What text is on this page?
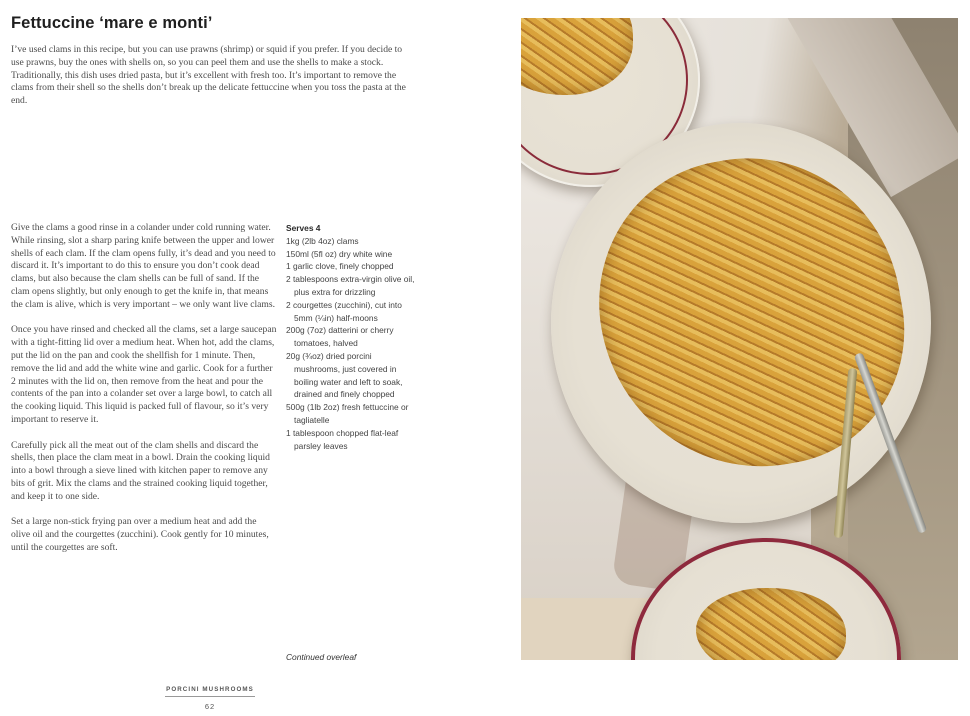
Fettuccine ‘mare e monti’

I’ve used clams in this recipe, but you can use prawns (shrimp) or squid if you prefer. If you decide to use prawns, buy the ones with shells on, so you can peel them and use the shells to make a stock. Traditionally, this dish uses dried pasta, but it’s excellent with fresh too. It’s important to remove the clams from their shell so the shells don’t break up the delicate fettuccine when you toss the pasta at the end.

Give the clams a good rinse in a colander under cold running water. While rinsing, slot a sharp paring knife between the upper and lower shells of each clam. If the clam opens fully, it’s dead and you need to discard it. It’s important to do this to ensure you don’t cook dead clams, but also because the clam shells can be full of sand. If the clam opens slightly, but only enough to get the knife in, that means the clam is alive, which is very important – we only want live clams.

Once you have rinsed and checked all the clams, set a large saucepan with a tight-fitting lid over a medium heat. When hot, add the clams, put the lid on the pan and cook the shellfish for 1 minute. Then, remove the lid and add the white wine and garlic. Cook for a further 2 minutes with the lid on, then remove from the heat and pour the contents of the pan into a colander set over a large bowl, to catch all the cooking liquid. This liquid is packed full of flavour, so it’s very important to reserve it.

Carefully pick all the meat out of the clam shells and discard the shells, then place the clam meat in a bowl. Drain the cooking liquid into a bowl through a sieve lined with kitchen paper to remove any bits of grit. Mix the clams and the strained cooking liquid together, and keep it to one side.

Set a large non-stick frying pan over a medium heat and add the olive oil and the courgettes (zucchini). Cook gently for 10 minutes, until the courgettes are soft.

Serves 4
1kg (2lb 4oz) clams
150ml (5fl oz) dry white wine
1 garlic clove, finely chopped
2 tablespoons extra-virgin olive oil, plus extra for drizzling
2 courgettes (zucchini), cut into 5mm (¼in) half-moons
200g (7oz) datterini or cherry tomatoes, halved
20g (¾oz) dried porcini mushrooms, just covered in boiling water and left to soak, drained and finely chopped
500g (1lb 2oz) fresh fettuccine or tagliatelle
1 tablespoon chopped flat-leaf parsley leaves
Continued overleaf
PORCINI MUSHROOMS
62
